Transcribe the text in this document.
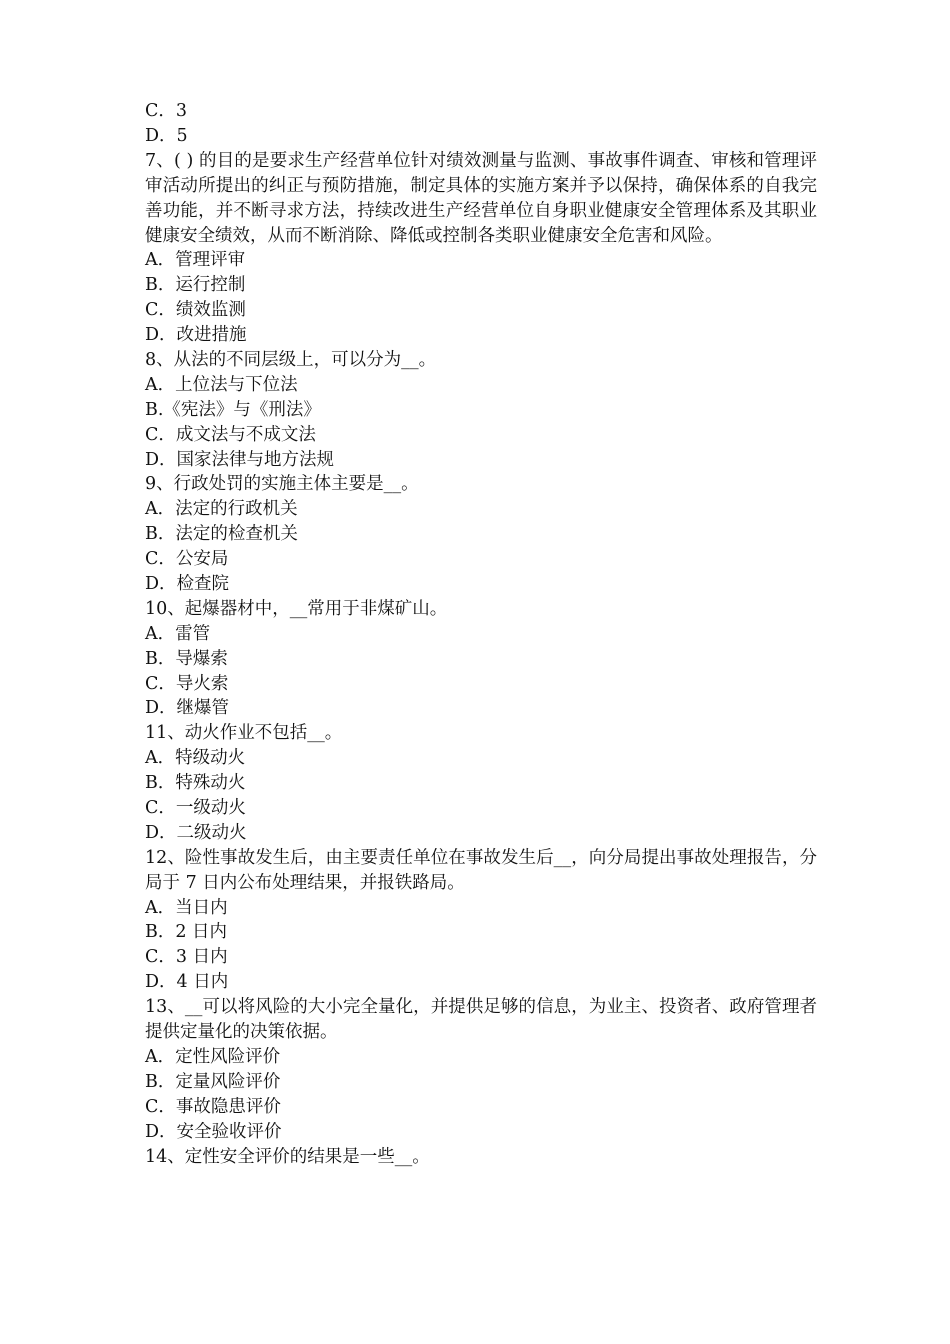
C．3
D．5
7、( ) 的目的是要求生产经营单位针对绩效测量与监测、事故事件调查、审核和管理评审活动所提出的纠正与预防措施，制定具体的实施方案并予以保持，确保体系的自我完善功能，并不断寻求方法，持续改进生产经营单位自身职业健康安全管理体系及其职业健康安全绩效，从而不断消除、降低或控制各类职业健康安全危害和风险。
A．管理评审
B．运行控制
C．绩效监测
D．改进措施
8、从法的不同层级上，可以分为__。
A．上位法与下位法
B.《宪法》与《刑法》
C．成文法与不成文法
D．国家法律与地方法规
9、行政处罚的实施主体主要是__。
A．法定的行政机关
B．法定的检查机关
C．公安局
D．检查院
10、起爆器材中，__常用于非煤矿山。
A．雷管
B．导爆索
C．导火索
D．继爆管
11、动火作业不包括__。
A．特级动火
B．特殊动火
C．一级动火
D．二级动火
12、险性事故发生后，由主要责任单位在事故发生后__，向分局提出事故处理报告，分局于 7 日内公布处理结果，并报铁路局。
A．当日内
B．2 日内
C．3 日内
D．4 日内
13、__可以将风险的大小完全量化，并提供足够的信息，为业主、投资者、政府管理者提供定量化的决策依据。
A．定性风险评价
B．定量风险评价
C．事故隐患评价
D．安全验收评价
14、定性安全评价的结果是一些__。
